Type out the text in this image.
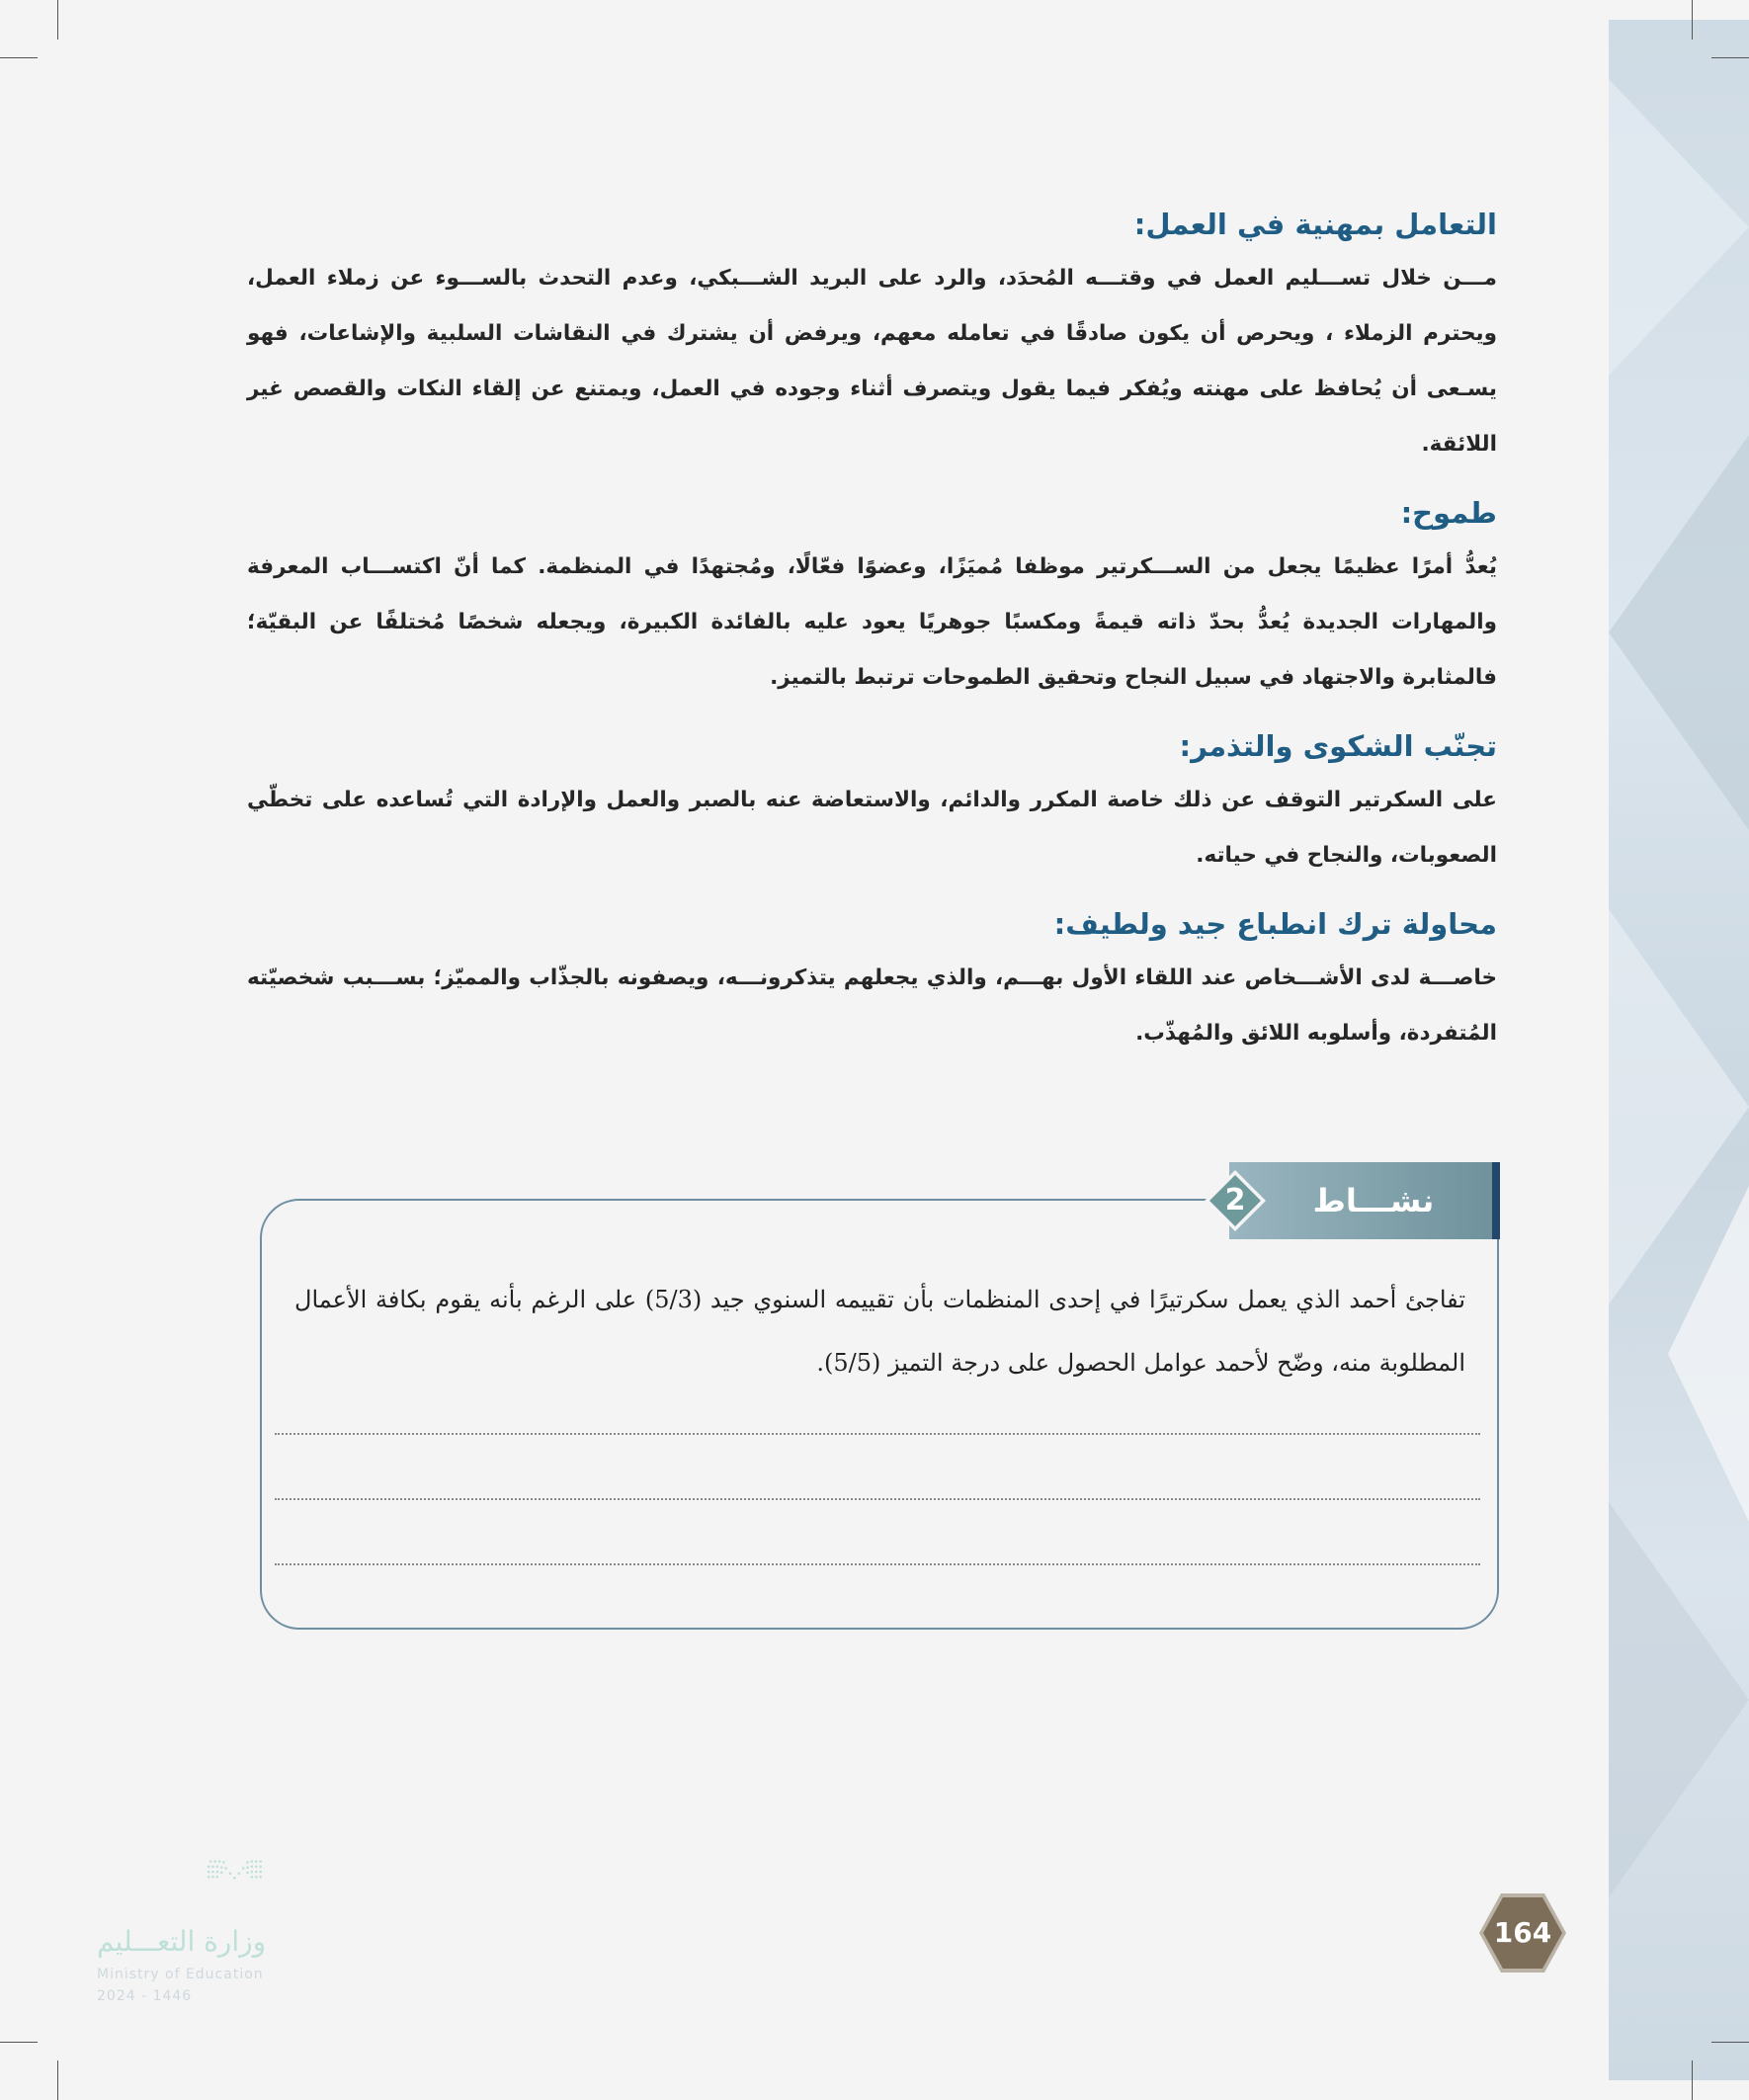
التعامل بمهنية في العمل:

مـــن خلال تســـليم العمل في وقتـــه المُحدَد، والرد على البريد الشـــبكي، وعدم التحدث بالســـوء عن زملاء العمل، ويحترم الزملاء ، ويحرص أن يكون صادقًا في تعامله معهم، ويرفض أن يشترك في النقاشات السلبية والإشاعات، فهو يسـعى أن يُحافظ على مهنته ويُفكر فيما يقول ويتصرف أثناء وجوده في العمل، ويمتنع عن إلقاء النكات والقصص غير اللائقة.

طموح:

يُعدُّ أمرًا عظيمًا يجعل من الســـكرتير موظفا مُميَزًا، وعضوًا فعّالًا، ومُجتهدًا في المنظمة. كما أنّ اكتســـاب المعرفة والمهارات الجديدة يُعدُّ بحدّ ذاته قيمةً ومكسبًا جوهريًا يعود عليه بالفائدة الكبيرة، ويجعله شخصًا مُختلفًا عن البقيّة؛ فالمثابرة والاجتهاد في سبيل النجاح وتحقيق الطموحات ترتبط بالتميز.

تجنّب الشكوى والتذمر:

على السكرتير التوقف عن ذلك خاصة المكرر والدائم، والاستعاضة عنه بالصبر والعمل والإرادة التي تُساعده على تخطّي الصعوبات، والنجاح في حياته.

محاولة ترك انطباع جيد ولطيف:

خاصـــة لدى الأشـــخاص عند اللقاء الأول بهـــم، والذي يجعلهم يتذكرونـــه، ويصفونه بالجذّاب والمميّز؛ بســـبب شخصيّته المُتفردة، وأسلوبه اللائق والمُهذّب.

نشـــاط
2

تفاجئ أحمد الذي يعمل سكرتيرًا في إحدى المنظمات بأن تقييمه السنوي جيد (5/3) على الرغم بأنه يقوم بكافة الأعمال المطلوبة منه، وضّح لأحمد عوامل الحصول على درجة التميز (5/5).

وزارة التعـــليم
Ministry of Education
2024 - 1446
164
